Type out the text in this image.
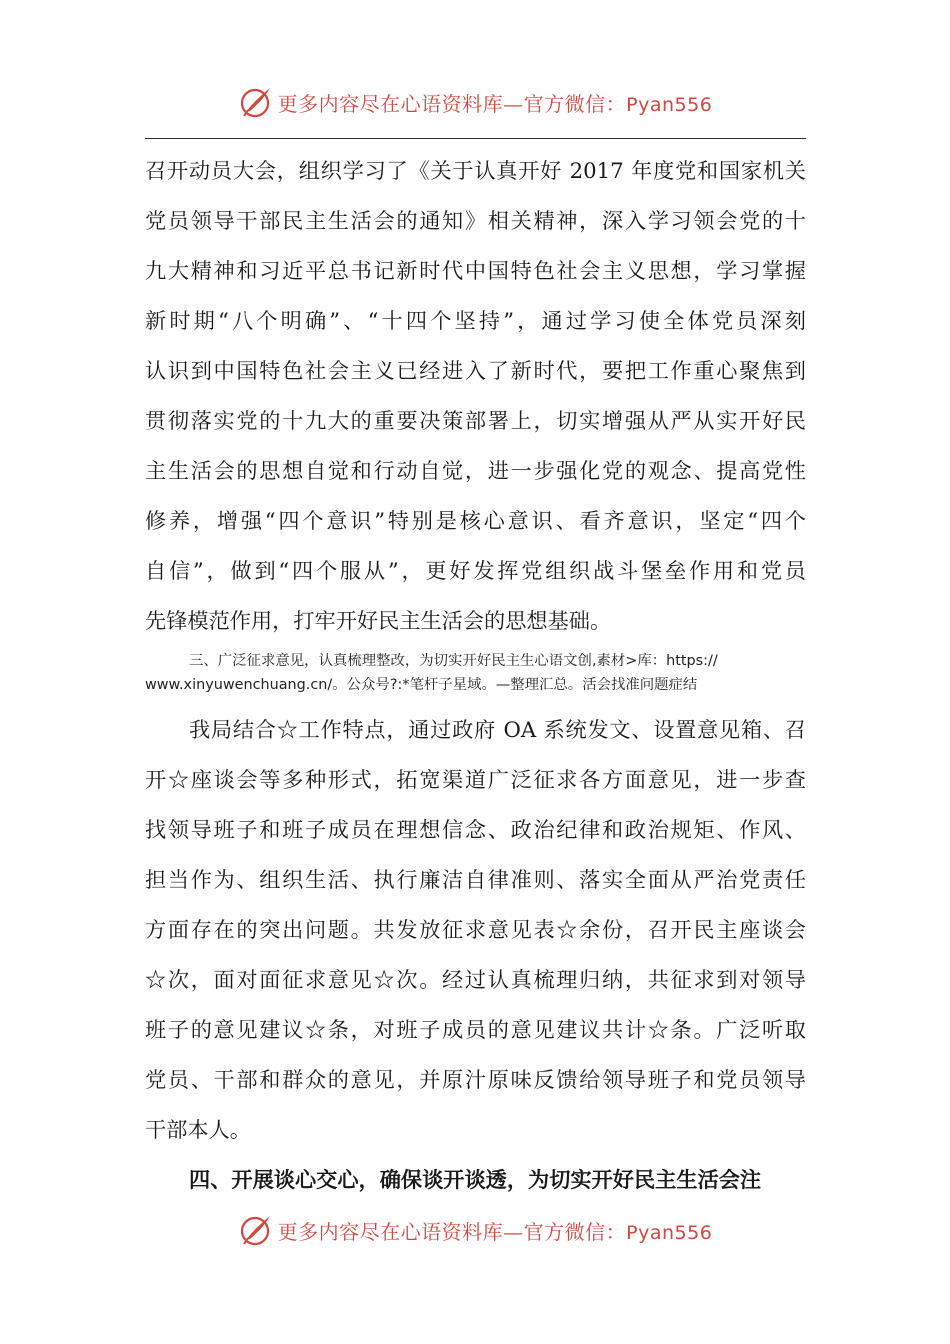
更多内容尽在心语资料库—官方微信：Pyan556

召开动员大会，组织学习了《关于认真开好 2017 年度党和国家机关

党员领导干部民主生活会的通知》相关精神，深入学习领会党的十

九大精神和习近平总书记新时代中国特色社会主义思想，学习掌握

新时期“八个明确”、“十四个坚持”，通过学习使全体党员深刻

认识到中国特色社会主义已经进入了新时代，要把工作重心聚焦到

贯彻落实党的十九大的重要决策部署上，切实增强从严从实开好民

主生活会的思想自觉和行动自觉，进一步强化党的观念、提高党性

修养，增强“四个意识”特别是核心意识、看齐意识，坚定“四个

自信”，做到“四个服从”，更好发挥党组织战斗堡垒作用和党员

先锋模范作用，打牢开好民主生活会的思想基础。

三、广泛征求意见，认真梳理整改，为切实开好民主生心语文创,素材>库：https://

www.xinyuwenchuang.cn/。公众号?:*笔杆子星域。—整理汇总。活会找准问题症结

我局结合☆工作特点，通过政府 OA 系统发文、设置意见箱、召

开☆座谈会等多种形式，拓宽渠道广泛征求各方面意见，进一步查

找领导班子和班子成员在理想信念、政治纪律和政治规矩、作风、

担当作为、组织生活、执行廉洁自律准则、落实全面从严治党责任

方面存在的突出问题。共发放征求意见表☆余份，召开民主座谈会

☆次，面对面征求意见☆次。经过认真梳理归纳，共征求到对领导

班子的意见建议☆条，对班子成员的意见建议共计☆条。广泛听取

党员、干部和群众的意见，并原汁原味反馈给领导班子和党员领导

干部本人。

四、开展谈心交心，确保谈开谈透，为切实开好民主生活会注

更多内容尽在心语资料库—官方微信：Pyan556
